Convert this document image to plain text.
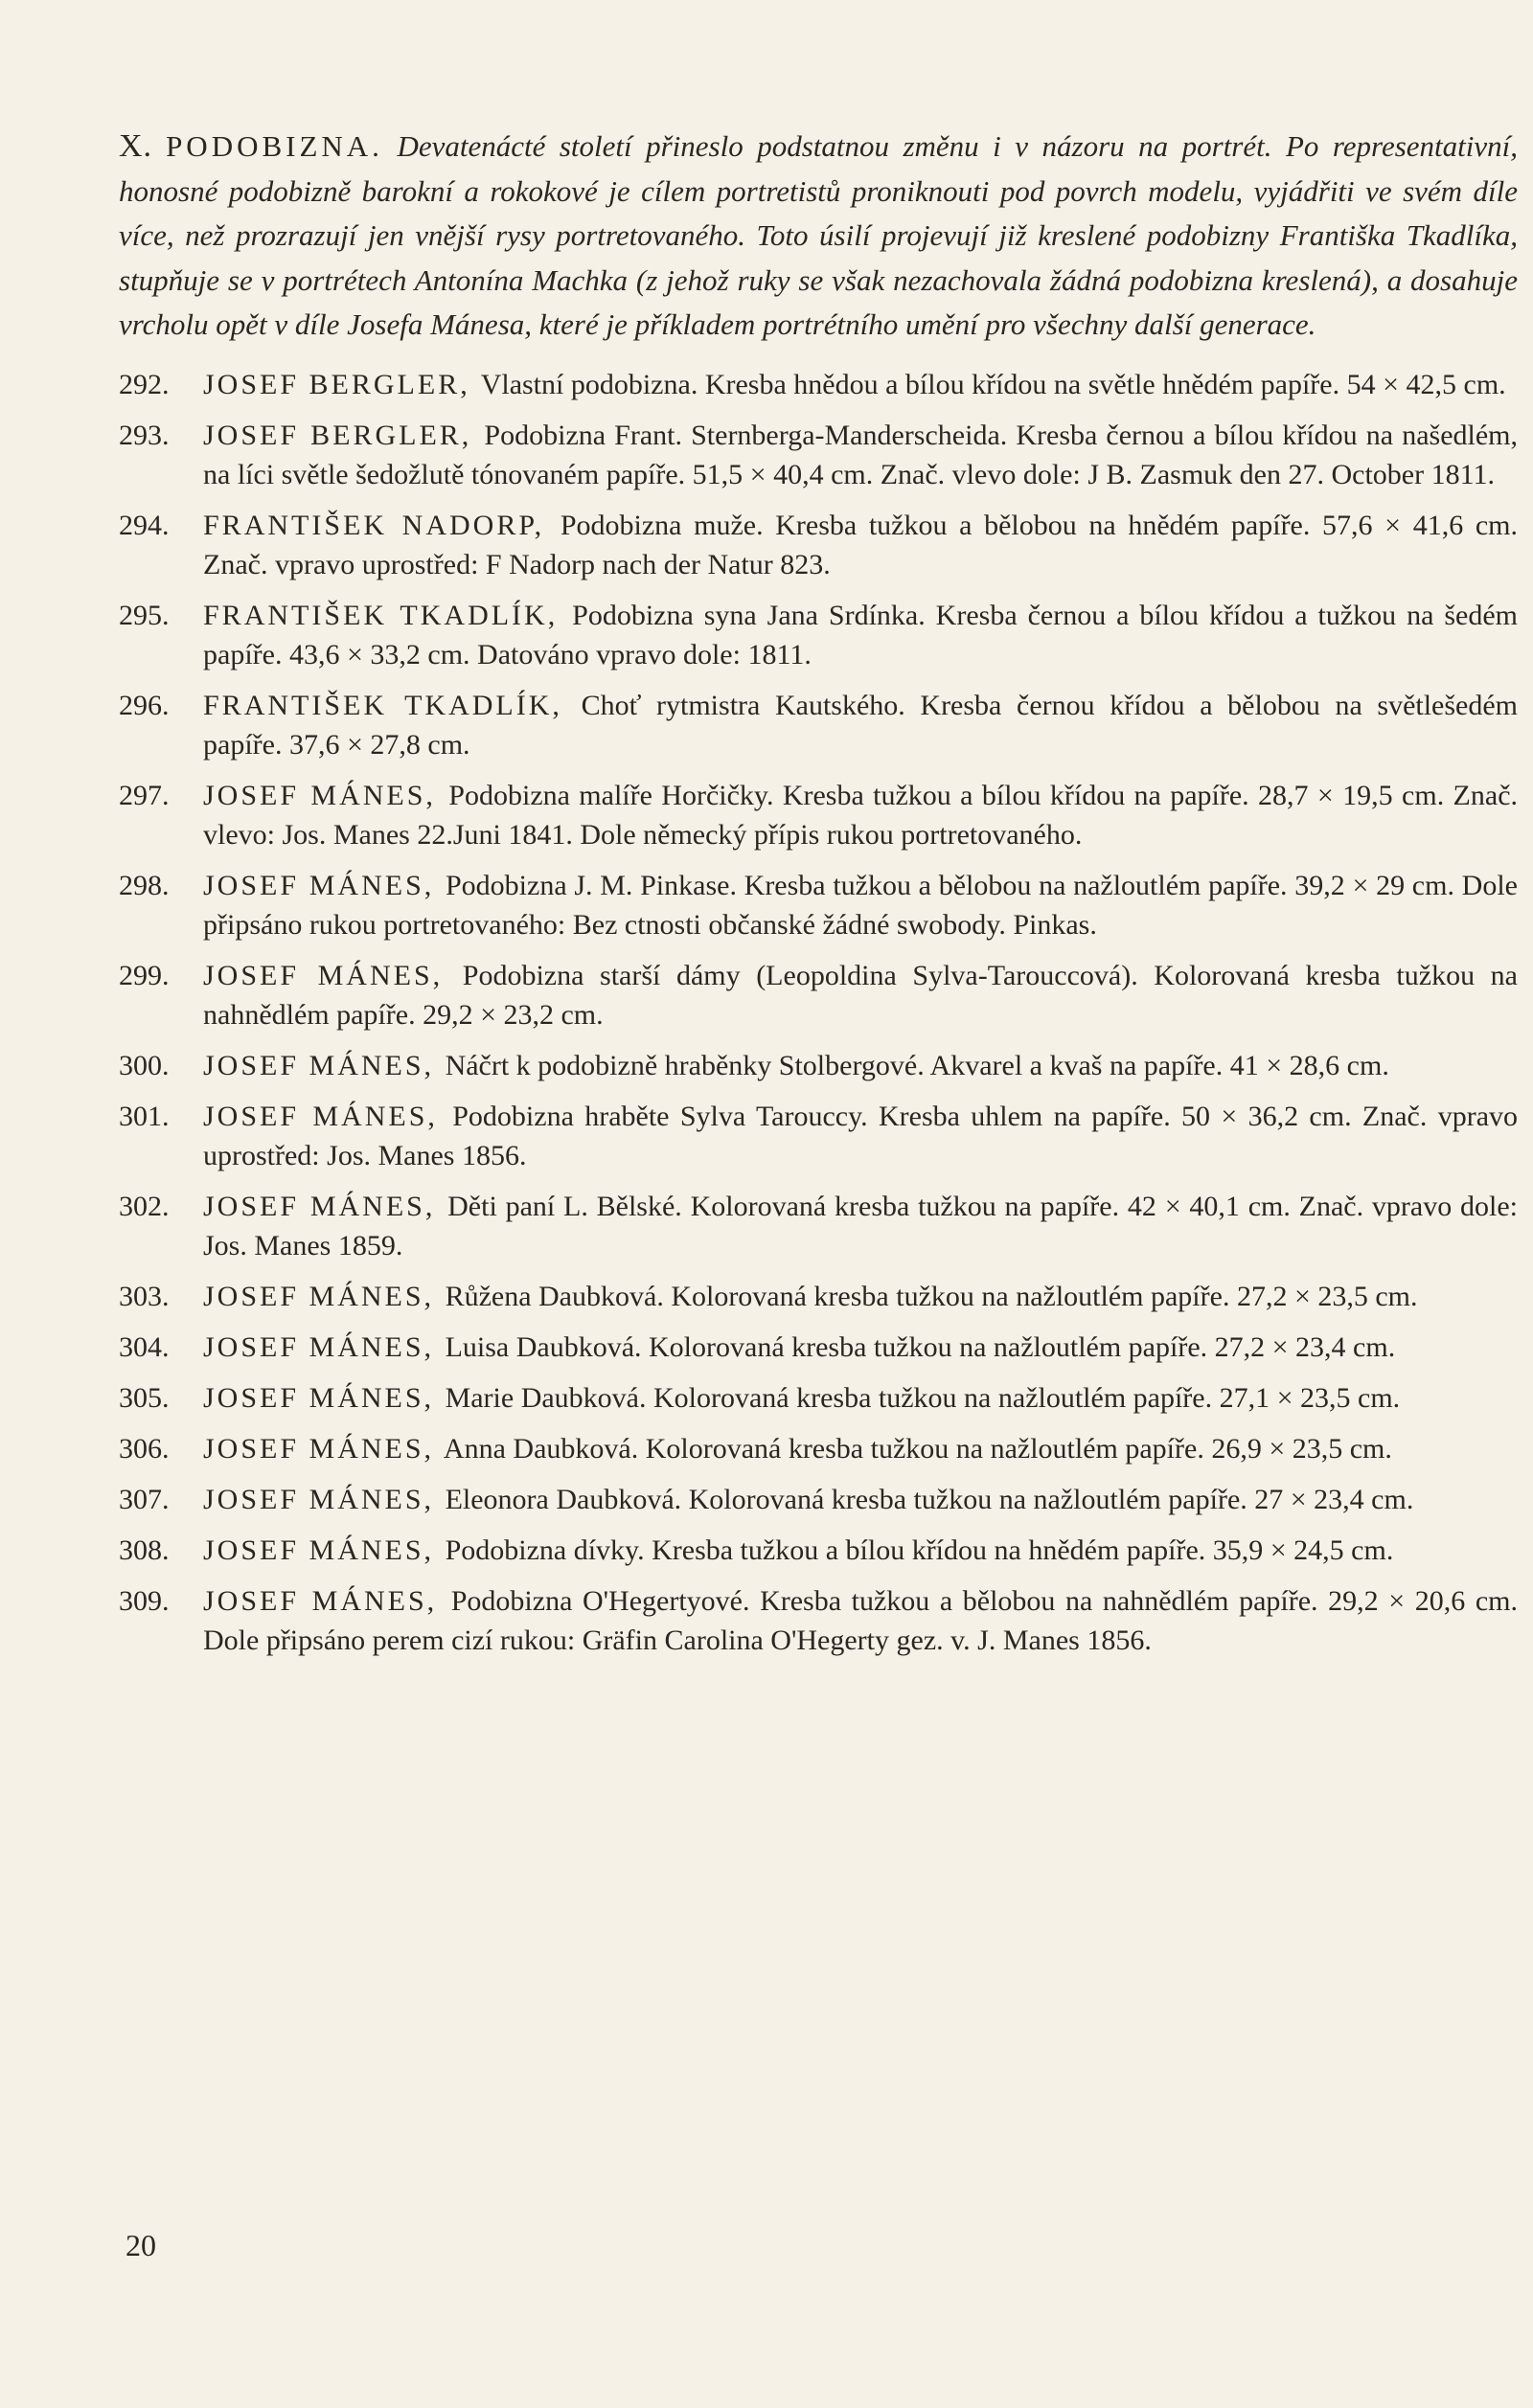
X. PODOBIZNA. Devatenácté století přineslo podstatnou změnu i v názoru na portrét. Po representativní, honosné podobizně barokní a rokokové je cílem portretistů proniknouti pod povrch modelu, vyjádřiti ve svém díle více, než prozrazují jen vnější rysy portretovaného. Toto úsilí projevují již kreslené podobizny Františka Tkadlíka, stupňuje se v portrétech Antonína Machka (z jehož ruky se však nezachovala žádná podobizna kreslená), a dosahuje vrcholu opět v díle Josefa Mánesa, které je příkladem portrétního umění pro všechny další generace.

292. JOSEF BERGLER, Vlastní podobizna. Kresba hnědou a bílou křídou na světle hnědém papíře. 54 × 42,5 cm.
293. JOSEF BERGLER, Podobizna Frant. Sternberga-Manderscheida. Kresba černou a bílou křídou na našedlém, na líci světle šedožlutě tónovaném papíře. 51,5 × 40,4 cm. Znač. vlevo dole: J B. Zasmuk den 27. October 1811.
294. FRANTIŠEK NADORP, Podobizna muže. Kresba tužkou a bělobou na hnědém papíře. 57,6 × 41,6 cm. Znač. vpravo uprostřed: F Nadorp nach der Natur 823.
295. FRANTIŠEK TKADLÍK, Podobizna syna Jana Srdínka. Kresba černou a bílou křídou a tužkou na šedém papíře. 43,6 × 33,2 cm. Datováno vpravo dole: 1811.
296. FRANTIŠEK TKADLÍK, Choť rytmistra Kautského. Kresba černou křídou a bělobou na světlešedém papíře. 37,6 × 27,8 cm.
297. JOSEF MÁNES, Podobizna malíře Horčičky. Kresba tužkou a bílou křídou na papíře. 28,7 × 19,5 cm. Znač. vlevo: Jos. Manes 22.Juni 1841. Dole německý přípis rukou portretovaného.
298. JOSEF MÁNES, Podobizna J. M. Pinkase. Kresba tužkou a bělobou na nažloutlém papíře. 39,2 × 29 cm. Dole připsáno rukou portretovaného: Bez ctnosti občanské žádné swobody. Pinkas.
299. JOSEF MÁNES, Podobizna starší dámy (Leopoldina Sylva-Tarouccová). Kolorovaná kresba tužkou na nahnědlém papíře. 29,2 × 23,2 cm.
300. JOSEF MÁNES, Náčrt k podobizně hraběnky Stolbergové. Akvarel a kvaš na papíře. 41 × 28,6 cm.
301. JOSEF MÁNES, Podobizna hraběte Sylva Tarouccy. Kresba uhlem na papíře. 50 × 36,2 cm. Znač. vpravo uprostřed: Jos. Manes 1856.
302. JOSEF MÁNES, Děti paní L. Bělské. Kolorovaná kresba tužkou na papíře. 42 × 40,1 cm. Znač. vpravo dole: Jos. Manes 1859.
303. JOSEF MÁNES, Růžena Daubková. Kolorovaná kresba tužkou na nažloutlém papíře. 27,2 × 23,5 cm.
304. JOSEF MÁNES, Luisa Daubková. Kolorovaná kresba tužkou na nažloutlém papíře. 27,2 × 23,4 cm.
305. JOSEF MÁNES, Marie Daubková. Kolorovaná kresba tužkou na nažloutlém papíře. 27,1 × 23,5 cm.
306. JOSEF MÁNES, Anna Daubková. Kolorovaná kresba tužkou na nažloutlém papíře. 26,9 × 23,5 cm.
307. JOSEF MÁNES, Eleonora Daubková. Kolorovaná kresba tužkou na nažloutlém papíře. 27 × 23,4 cm.
308. JOSEF MÁNES, Podobizna dívky. Kresba tužkou a bílou křídou na hnědém papíře. 35,9 × 24,5 cm.
309. JOSEF MÁNES, Podobizna O'Hegertyové. Kresba tužkou a bělobou na nahnědlém papíře. 29,2 × 20,6 cm. Dole připsáno perem cizí rukou: Gräfin Carolina O'Hegerty gez. v. J. Manes 1856.
20
